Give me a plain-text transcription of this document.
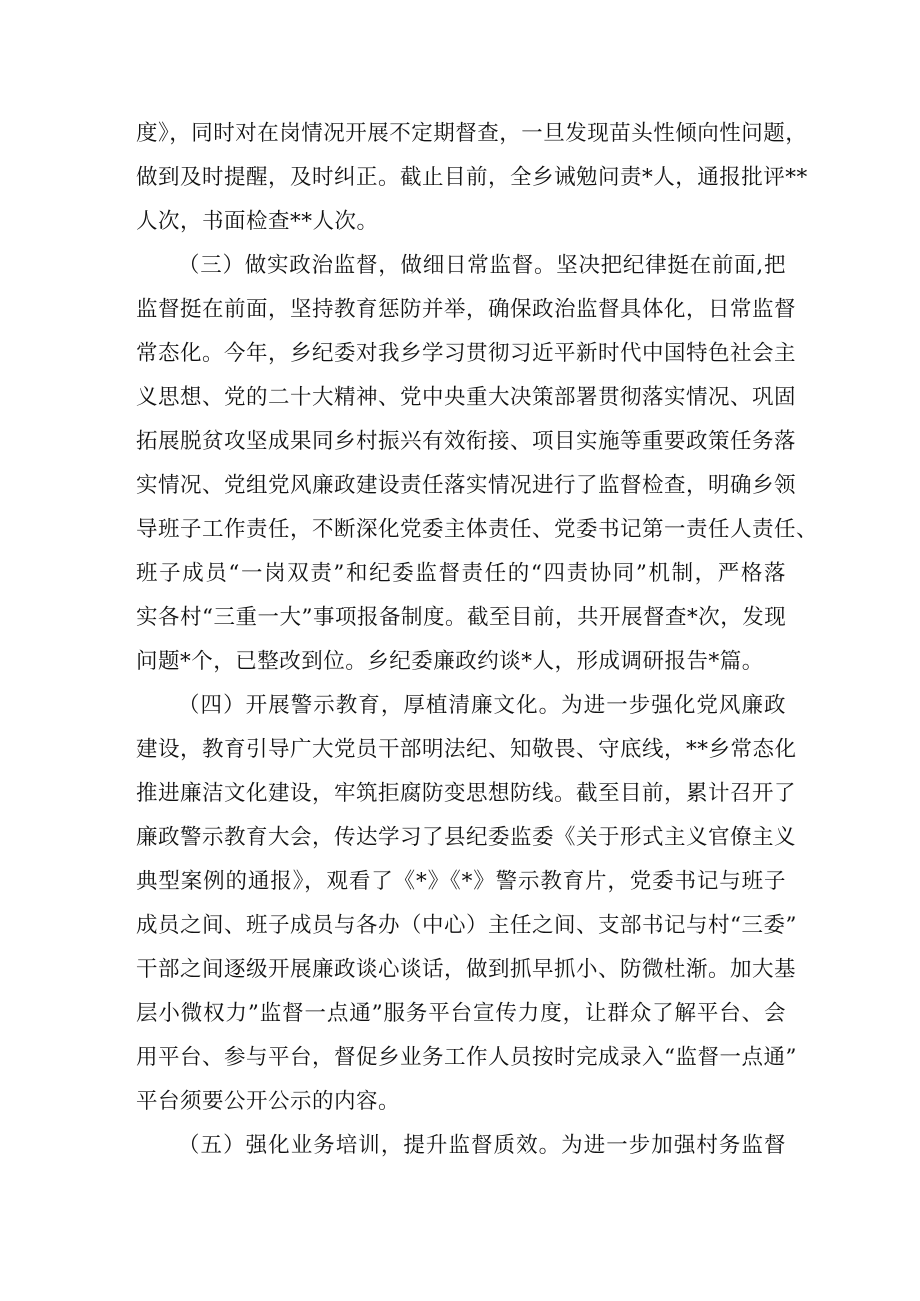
度》，同时对在岗情况开展不定期督查，一旦发现苗头性倾向性问题，
做到及时提醒，及时纠正。截止目前，全乡诫勉问责*人，通报批评**
人次，书面检查**人次。
（三）做实政治监督，做细日常监督。坚决把纪律挺在前面,把
监督挺在前面，坚持教育惩防并举，确保政治监督具体化，日常监督
常态化。今年，乡纪委对我乡学习贯彻习近平新时代中国特色社会主
义思想、党的二十大精神、党中央重大决策部署贯彻落实情况、巩固
拓展脱贫攻坚成果同乡村振兴有效衔接、项目实施等重要政策任务落
实情况、党组党风廉政建设责任落实情况进行了监督检查，明确乡领
导班子工作责任，不断深化党委主体责任、党委书记第一责任人责任、
班子成员“一岗双责”和纪委监督责任的“四责协同”机制，严格落
实各村“三重一大”事项报备制度。截至目前，共开展督查*次，发现
问题*个，已整改到位。乡纪委廉政约谈*人，形成调研报告*篇。
（四）开展警示教育，厚植清廉文化。为进一步强化党风廉政
建设，教育引导广大党员干部明法纪、知敬畏、守底线，**乡常态化
推进廉洁文化建设，牢筑拒腐防变思想防线。截至目前，累计召开了
廉政警示教育大会，传达学习了县纪委监委《关于形式主义官僚主义
典型案例的通报》，观看了《*》《*》警示教育片，党委书记与班子
成员之间、班子成员与各办（中心）主任之间、支部书记与村“三委”
干部之间逐级开展廉政谈心谈话，做到抓早抓小、防微杜渐。加大基
层小微权力”监督一点通”服务平台宣传力度，让群众了解平台、会
用平台、参与平台，督促乡业务工作人员按时完成录入“监督一点通”
平台须要公开公示的内容。
（五）强化业务培训，提升监督质效。为进一步加强村务监督
